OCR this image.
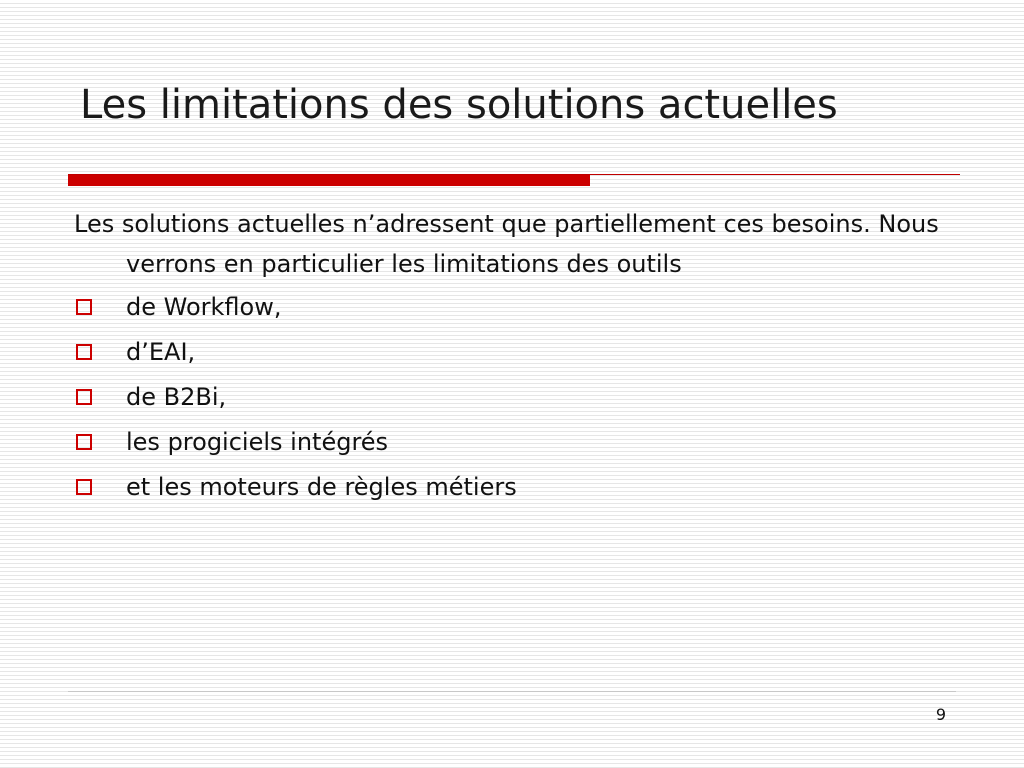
Les limitations des solutions actuelles

Les solutions actuelles n’adressent que partiellement ces besoins. Nous verrons en particulier les limitations des outils

de Workflow,
d’EAI,
de B2Bi,
les progiciels intégrés
et les moteurs de règles métiers
9
